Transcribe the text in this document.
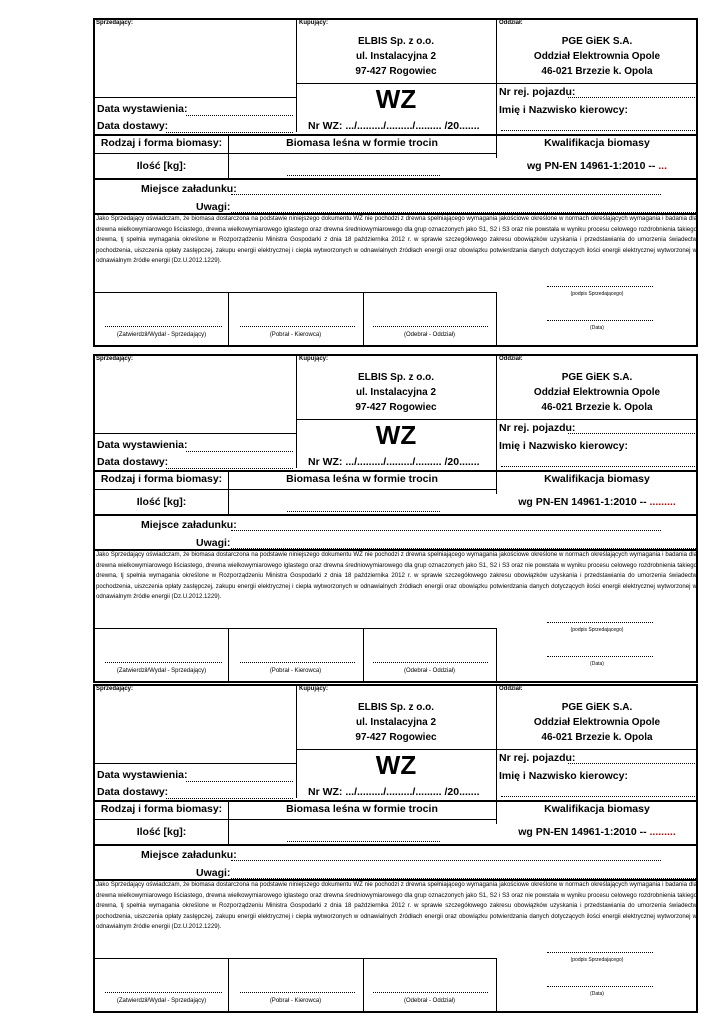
Sprzedający:	Kupujący:	Oddział:
ELBIS Sp. z o.o.
ul. Instalacyjna 2
97-427 Rogowiec
PGE GiEK S.A.
Oddział Elektrownia Opole
46-021 Brzezie k. Opola
Data wystawienia:
Data dostawy:
WZ
Nr WZ: .../........./........./......... /20.......
Nr rej. pojazdu:
Imię i Nazwisko kierowcy:
Rodzaj i forma biomasy:	Biomasa leśna w formie trocin	Kwalifikacja biomasy
Ilość [kg]:	wg PN-EN 14961-1:2010 -- ...
Miejsce załadunku:
Uwagi:
Jako Sprzedający oświadczam, że biomasa dostarczona na podstawie niniejszego dokumentu WZ nie pochodzi z drewna spełniającego wymagania jakościowe określone w normach określających wymagania i badania dla drewna wielkowymiarowego liściastego, drewna wielkowymiarowego iglastego oraz drewna średniowymiarowego dla grup oznaczonych jako S1, S2 i S3 oraz nie powstała w wyniku procesu celowego rozdrobnienia takiego drewna, tj spełnia wymagania określone w Rozporządzeniu Ministra Gospodarki z dnia 18 października 2012 r. w sprawie szczegółowego zakresu obowiązków uzyskania i przedstawiania do umorzenia świadectw pochodzenia, uiszczenia opłaty zastępczej, zakupu energii elektrycznej i ciepła wytworzonych w odnawialnych źródłach energii oraz obowiązku potwierdzania danych dotyczących ilości energii elektrycznej wytworzonej w odnawialnym źródle energii (Dz.U.2012.1229).
(Zatwierdził/Wydał - Sprzedający)	(Pobrał - Kierowca)	(Odebrał - Oddział)
(podpis Sprzedającego)
(Data)
Sprzedający:	Kupujący:	Oddział:
ELBIS Sp. z o.o.
ul. Instalacyjna 2
97-427 Rogowiec
PGE GiEK S.A.
Oddział Elektrownia Opole
46-021 Brzezie k. Opola
Data wystawienia:
Data dostawy:
WZ
Nr WZ: .../........./........./......... /20.......
Nr rej. pojazdu:
Imię i Nazwisko kierowcy:
Rodzaj i forma biomasy:	Biomasa leśna w formie trocin	Kwalifikacja biomasy
Ilość [kg]:	wg PN-EN 14961-1:2010 -- .........
Miejsce załadunku:
Uwagi:
Jako Sprzedający oświadczam, że biomasa dostarczona na podstawie niniejszego dokumentu WZ nie pochodzi z drewna spełniającego wymagania jakościowe określone w normach określających wymagania i badania dla drewna wielkowymiarowego liściastego, drewna wielkowymiarowego iglastego oraz drewna średniowymiarowego dla grup oznaczonych jako S1, S2 i S3 oraz nie powstała w wyniku procesu celowego rozdrobnienia takiego drewna, tj spełnia wymagania określone w Rozporządzeniu Ministra Gospodarki z dnia 18 października 2012 r. w sprawie szczegółowego zakresu obowiązków uzyskania i przedstawiania do umorzenia świadectw pochodzenia, uiszczenia opłaty zastępczej, zakupu energii elektrycznej i ciepła wytworzonych w odnawialnych źródłach energii oraz obowiązku potwierdzania danych dotyczących ilości energii elektrycznej wytworzonej w odnawialnym źródle energii (Dz.U.2012.1229).
(Zatwierdził/Wydał - Sprzedający)	(Pobrał - Kierowca)	(Odebrał - Oddział)
(podpis Sprzedającego)
(Data)
Sprzedający:	Kupujący:	Oddział:
ELBIS Sp. z o.o.
ul. Instalacyjna 2
97-427 Rogowiec
PGE GiEK S.A.
Oddział Elektrownia Opole
46-021 Brzezie k. Opola
Data wystawienia:
Data dostawy:
WZ
Nr WZ: .../........./........./......... /20.......
Nr rej. pojazdu:
Imię i Nazwisko kierowcy:
Rodzaj i forma biomasy:	Biomasa leśna w formie trocin	Kwalifikacja biomasy
Ilość [kg]:	wg PN-EN 14961-1:2010 -- .........
Miejsce załadunku:
Uwagi:
Jako Sprzedający oświadczam, że biomasa dostarczona na podstawie niniejszego dokumentu WZ nie pochodzi z drewna spełniającego wymagania jakościowe określone w normach określających wymagania i badania dla drewna wielkowymiarowego liściastego, drewna wielkowymiarowego iglastego oraz drewna średniowymiarowego dla grup oznaczonych jako S1, S2 i S3 oraz nie powstała w wyniku procesu celowego rozdrobnienia takiego drewna, tj spełnia wymagania określone w Rozporządzeniu Ministra Gospodarki z dnia 18 października 2012 r. w sprawie szczegółowego zakresu obowiązków uzyskania i przedstawiania do umorzenia świadectw pochodzenia, uiszczenia opłaty zastępczej, zakupu energii elektrycznej i ciepła wytworzonych w odnawialnych źródłach energii oraz obowiązku potwierdzania danych dotyczących ilości energii elektrycznej wytworzonej w odnawialnym źródle energii (Dz.U.2012.1229).
(Zatwierdził/Wydał - Sprzedający)	(Pobrał - Kierowca)	(Odebrał - Oddział)
(podpis Sprzedającego)
(Data)
